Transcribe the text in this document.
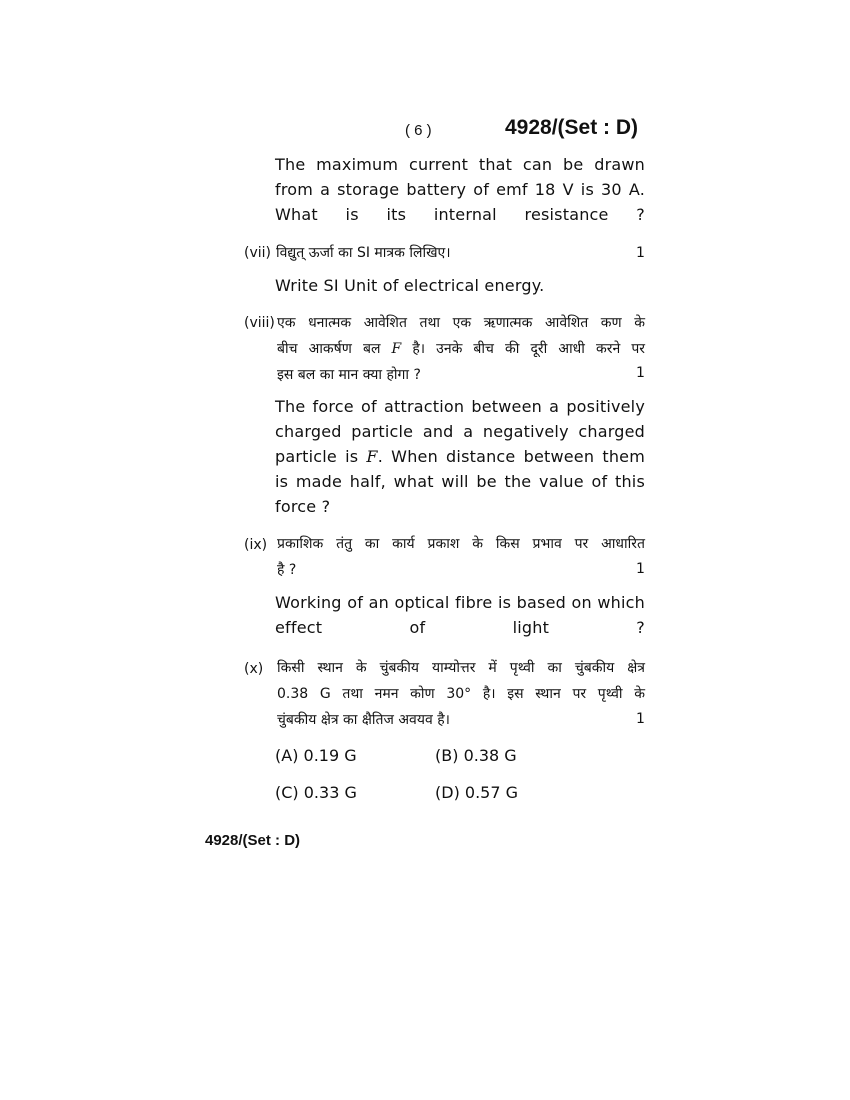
( 6 )	4928/(Set : D)
The maximum current that can be drawn from a storage battery of emf 18 V is 30 A. What is its internal resistance ?
(vii) विद्युत् ऊर्जा का SI मात्रक लिखिए।	1
Write SI Unit of electrical energy.
(viii) एक धनात्मक आवेशित तथा एक ऋणात्मक आवेशित कण के
बीच आकर्षण बल F है। उनके बीच की दूरी आधी करने पर
इस बल का मान क्या होगा ?	1
The force of attraction between a positively charged particle and a negatively charged particle is F. When distance between them is made half, what will be the value of this force ?
(ix) प्रकाशिक तंतु का कार्य प्रकाश के किस प्रभाव पर आधारित
है ?	1
Working of an optical fibre is based on which effect of light ?
(x) किसी स्थान के चुंबकीय याम्योत्तर में पृथ्वी का चुंबकीय क्षेत्र
0.38 G तथा नमन कोण 30° है। इस स्थान पर पृथ्वी के
चुंबकीय क्षेत्र का क्षैतिज अवयव है।	1
(A) 0.19 G	(B) 0.38 G
(C) 0.33 G	(D) 0.57 G
4928/(Set : D)
